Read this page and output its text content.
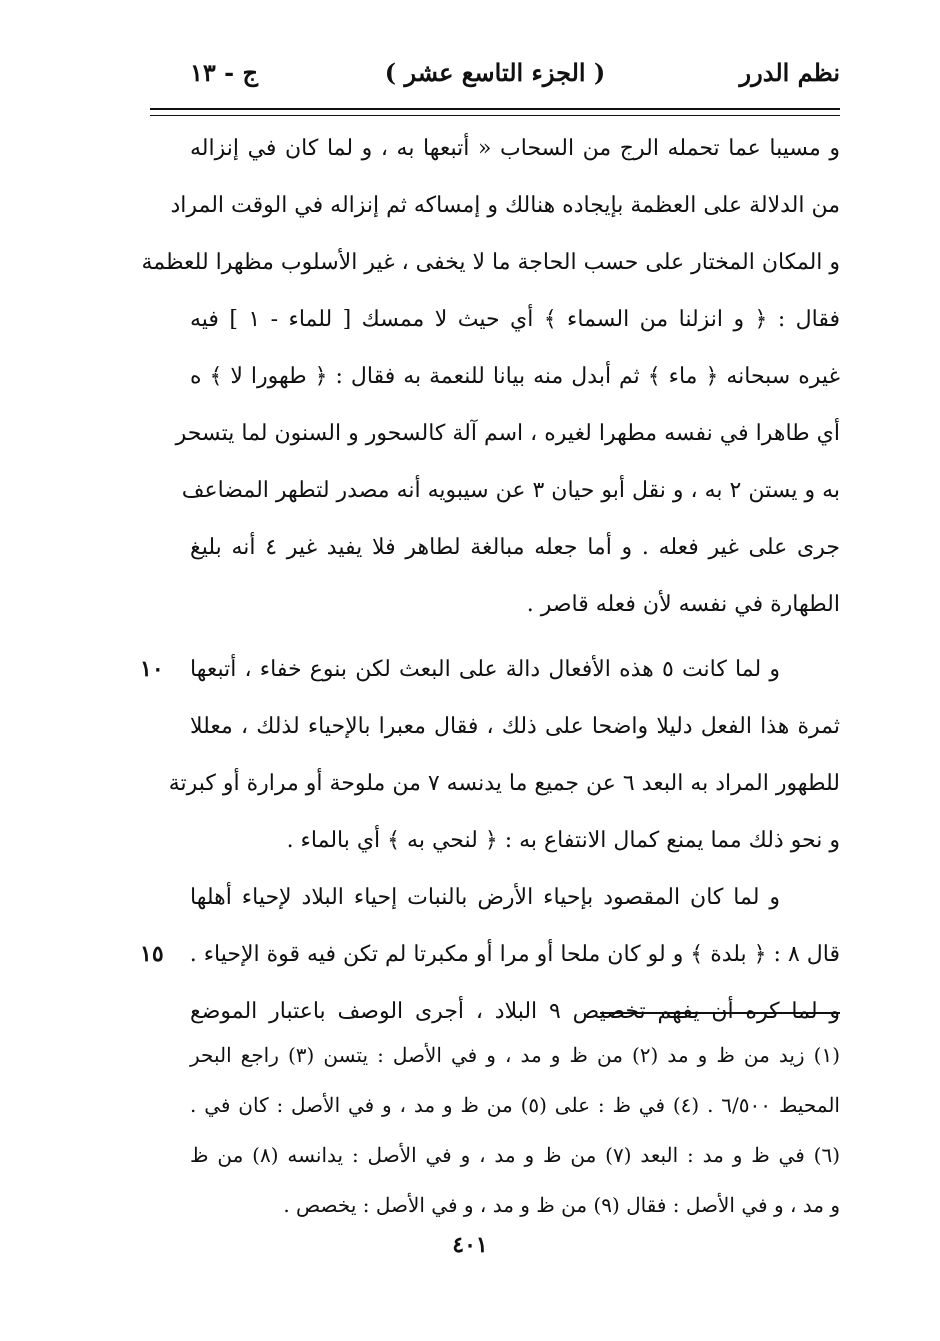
نظم الدرر
( الجزء التاسع عشر )
ج - ١٣
و مسيبا عما تحمله الرج من السحاب « أتبعها به ، و لما كان في إنزاله
من الدلالة على العظمة بإيجاده هنالك و إمساكه ثم إنزاله في الوقت المراد
و المكان المختار على حسب الحاجة ما لا يخفى ، غير الأسلوب مظهرا للعظمة
فقال : ﴿ و انزلنا من السماء ﴾ أي حيث لا ممسك [ للماء - ١ ] فيه
غيره سبحانه ﴿ ماء ﴾ ثم أبدل منه بيانا للنعمة به فقال : ﴿ طهورا لا ﴾ ه
أي طاهرا في نفسه مطهرا لغيره ، اسم آلة كالسحور و السنون لما يتسحر
به و يستن ٢ به ، و نقل أبو حيان ٣ عن سيبويه أنه مصدر لتطهر المضاعف
جرى على غير فعله . و أما جعله مبالغة لطاهر فلا يفيد غير ٤ أنه بليغ
الطهارة في نفسه لأن فعله قاصر .
و لما كانت ٥ هذه الأفعال دالة على البعث لكن بنوع خفاء ، أتبعها
١٠
ثمرة هذا الفعل دليلا واضحا على ذلك ، فقال معبرا بالإحياء لذلك ، معللا
للطهور المراد به البعد ٦ عن جميع ما يدنسه ٧ من ملوحة أو مرارة أو كبرتة
و نحو ذلك مما يمنع كمال الانتفاع به : ﴿ لنحي به ﴾ أي بالماء .
و لما كان المقصود بإحياء الأرض بالنبات إحياء البلاد لإحياء أهلها
قال ٨ : ﴿ بلدة ﴾ و لو كان ملحا أو مرا أو مكبرتا لم تكن فيه قوة الإحياء .
١٥
و لما كره أن يفهم تخصيص ٩ البلاد ، أجرى الوصف باعتبار الموضع
(١) زيد من ظ و مد (٢) من ظ و مد ، و في الأصل : يتسن (٣) راجع البحر
المحيط ٦/٥٠٠ . (٤) في ظ : على (٥) من ظ و مد ، و في الأصل : كان في .
(٦) في ظ و مد : البعد (٧) من ظ و مد ، و في الأصل : يدانسه (٨) من ظ
و مد ، و في الأصل : فقال (٩) من ظ و مد ، و في الأصل : يخصص .
٤٠١
